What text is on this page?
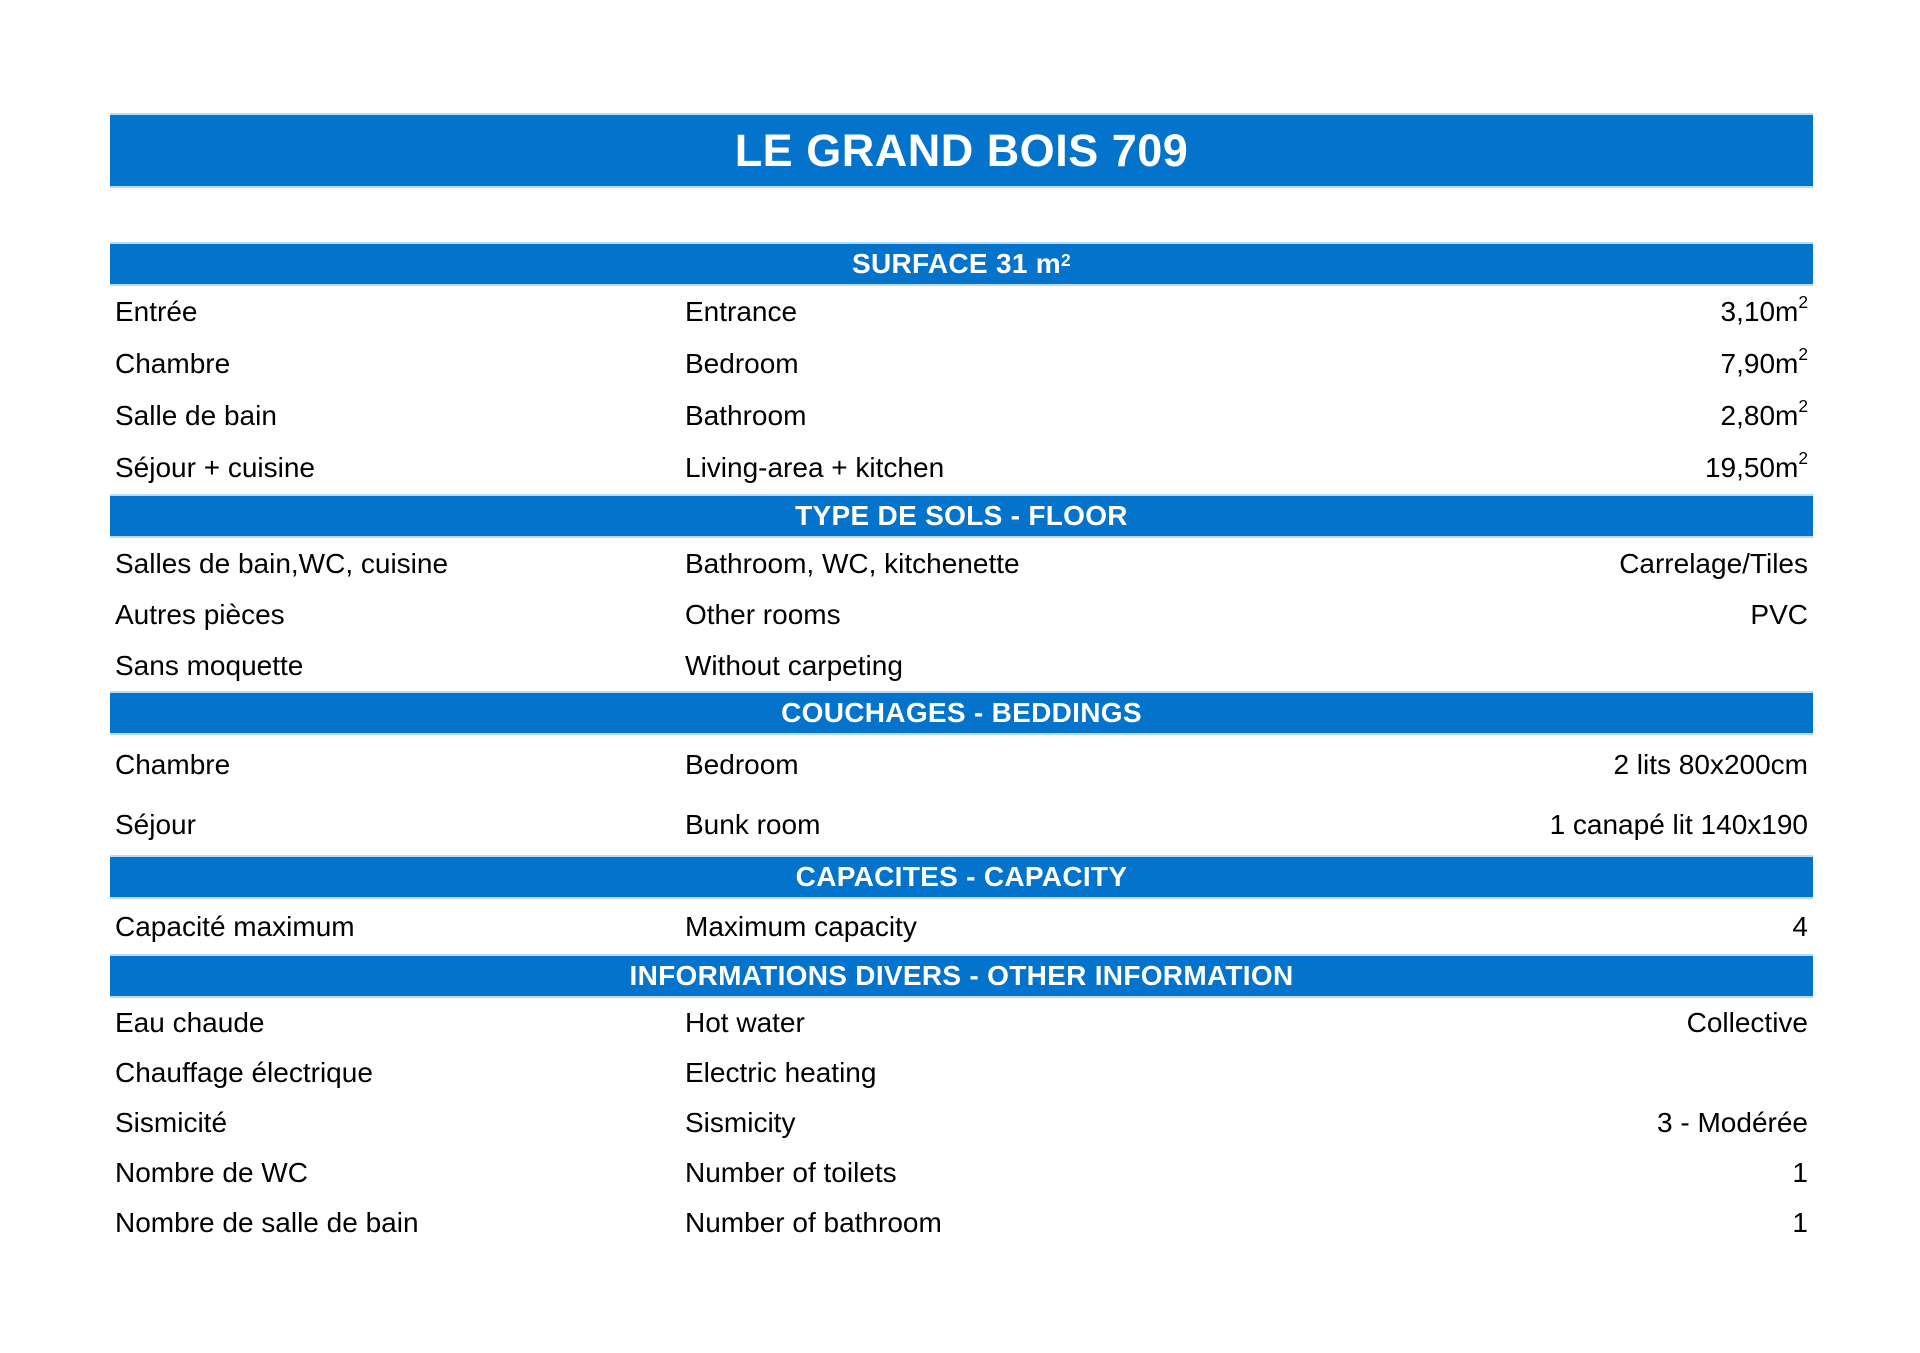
LE GRAND BOIS 709
SURFACE 31 $m^2$
Entrée	Entrance	$3,10m^2$
Chambre	Bedroom	$7,90m^2$
Salle de bain	Bathroom	$2,80m^2$
Séjour + cuisine	Living-area + kitchen	$19,50m^2$
TYPE DE SOLS - FLOOR
Salles de bain,WC, cuisine	Bathroom, WC, kitchenette	Carrelage/Tiles
Autres pièces	Other rooms	PVC
Sans moquette	Without carpeting
COUCHAGES - BEDDINGS
Chambre	Bedroom	2 lits 80x200cm
Séjour	Bunk room	1 canapé lit 140x190
CAPACITES - CAPACITY
Capacité maximum	Maximum capacity	4
INFORMATIONS DIVERS - OTHER INFORMATION
Eau chaude	Hot water	Collective
Chauffage électrique	Electric heating
Sismicité	Sismicity	3 - Modérée
Nombre de WC	Number of toilets	1
Nombre de salle de bain	Number of bathroom	1
